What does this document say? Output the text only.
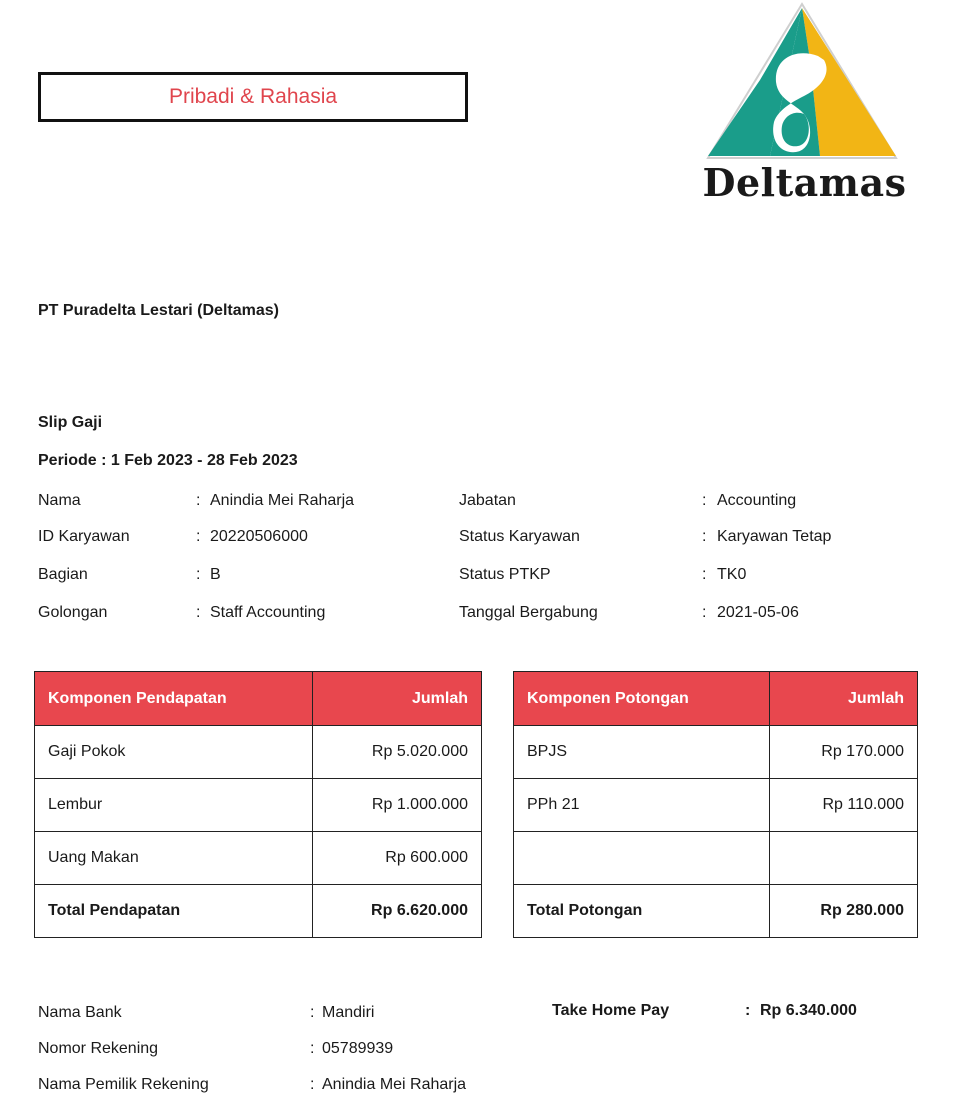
Pribadi & Rahasia
Deltamas
PT Puradelta Lestari (Deltamas)
Slip Gaji
Periode : 1 Feb 2023 - 28 Feb 2023
Nama	: Anindia Mei Raharja
ID Karyawan	: 20220506000
Bagian	: B
Golongan	: Staff Accounting
Jabatan	: Accounting
Status Karyawan	: Karyawan Tetap
Status PTKP	: TK0
Tanggal Bergabung	: 2021-05-06
Komponen Pendapatan	Jumlah
Gaji Pokok	Rp 5.020.000
Lembur	Rp 1.000.000
Uang Makan	Rp 600.000
Total Pendapatan	Rp 6.620.000
Komponen Potongan	Jumlah
BPJS	Rp 170.000
PPh 21	Rp 110.000

Total Potongan	Rp 280.000
Nama Bank	: Mandiri
Nomor Rekening	: 05789939
Nama Pemilik Rekening	: Anindia Mei Raharja
Take Home Pay	: Rp 6.340.000
